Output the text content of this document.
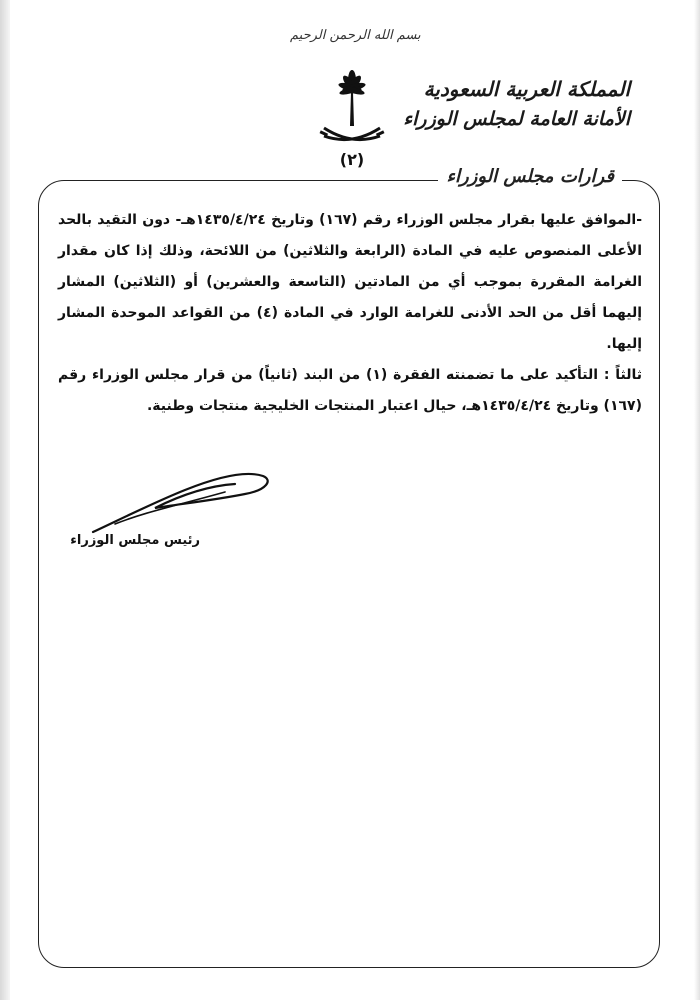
بسم الله الرحمن الرحيم
(٢)
المملكة العربية السعودية
الأمانة العامة لمجلس الوزراء
قرارات مجلس الوزراء

-الموافق عليها بقرار مجلس الوزراء رقم (١٦٧) وتاريخ ١٤٣٥/٤/٢٤هـ- دون التقيد بالحد الأعلى المنصوص عليه في المادة (الرابعة والثلاثين) من اللائحة، وذلك إذا كان مقدار الغرامة المقررة بموجب أي من المادتين (التاسعة والعشرين) أو (الثلاثين) المشار إليهما أقل من الحد الأدنى للغرامة الوارد في المادة (٤) من القواعد الموحدة المشار إليها.

ثالثاً : التأكيد على ما تضمنته الفقرة (١) من البند (ثانياً) من قرار مجلس الوزراء رقم (١٦٧) وتاريخ ١٤٣٥/٤/٢٤هـ، حيال اعتبار المنتجات الخليجية منتجات وطنية.

رئيس مجلس الوزراء
